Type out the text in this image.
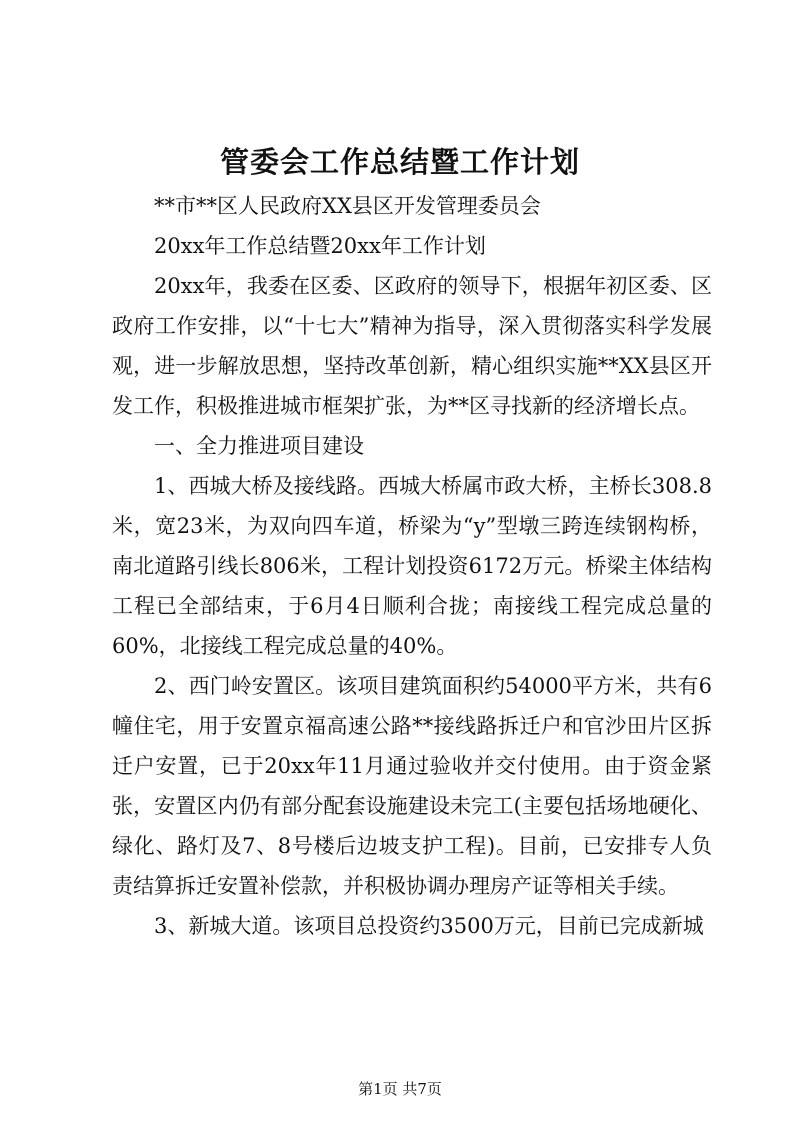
管委会工作总结暨工作计划

**市**区人民政府XX县区开发管理委员会

20xx年工作总结暨20xx年工作计划

20xx年，我委在区委、区政府的领导下，根据年初区委、区政府工作安排，以“十七大”精神为指导，深入贯彻落实科学发展观，进一步解放思想，坚持改革创新，精心组织实施**XX县区开发工作，积极推进城市框架扩张，为**区寻找新的经济增长点。

一、全力推进项目建设

1、西城大桥及接线路。西城大桥属市政大桥，主桥长308.8米，宽23米，为双向四车道，桥梁为“y”型墩三跨连续钢构桥，南北道路引线长806米，工程计划投资6172万元。桥梁主体结构工程已全部结束，于6月4日顺利合拢；南接线工程完成总量的60%，北接线工程完成总量的40%。

2、西门岭安置区。该项目建筑面积约54000平方米，共有6幢住宅，用于安置京福高速公路**接线路拆迁户和官沙田片区拆迁户安置，已于20xx年11月通过验收并交付使用。由于资金紧张，安置区内仍有部分配套设施建设未完工(主要包括场地硬化、绿化、路灯及7、8号楼后边坡支护工程)。目前，已安排专人负责结算拆迁安置补偿款，并积极协调办理房产证等相关手续。

3、新城大道。该项目总投资约3500万元，目前已完成新城

第1页 共7页
